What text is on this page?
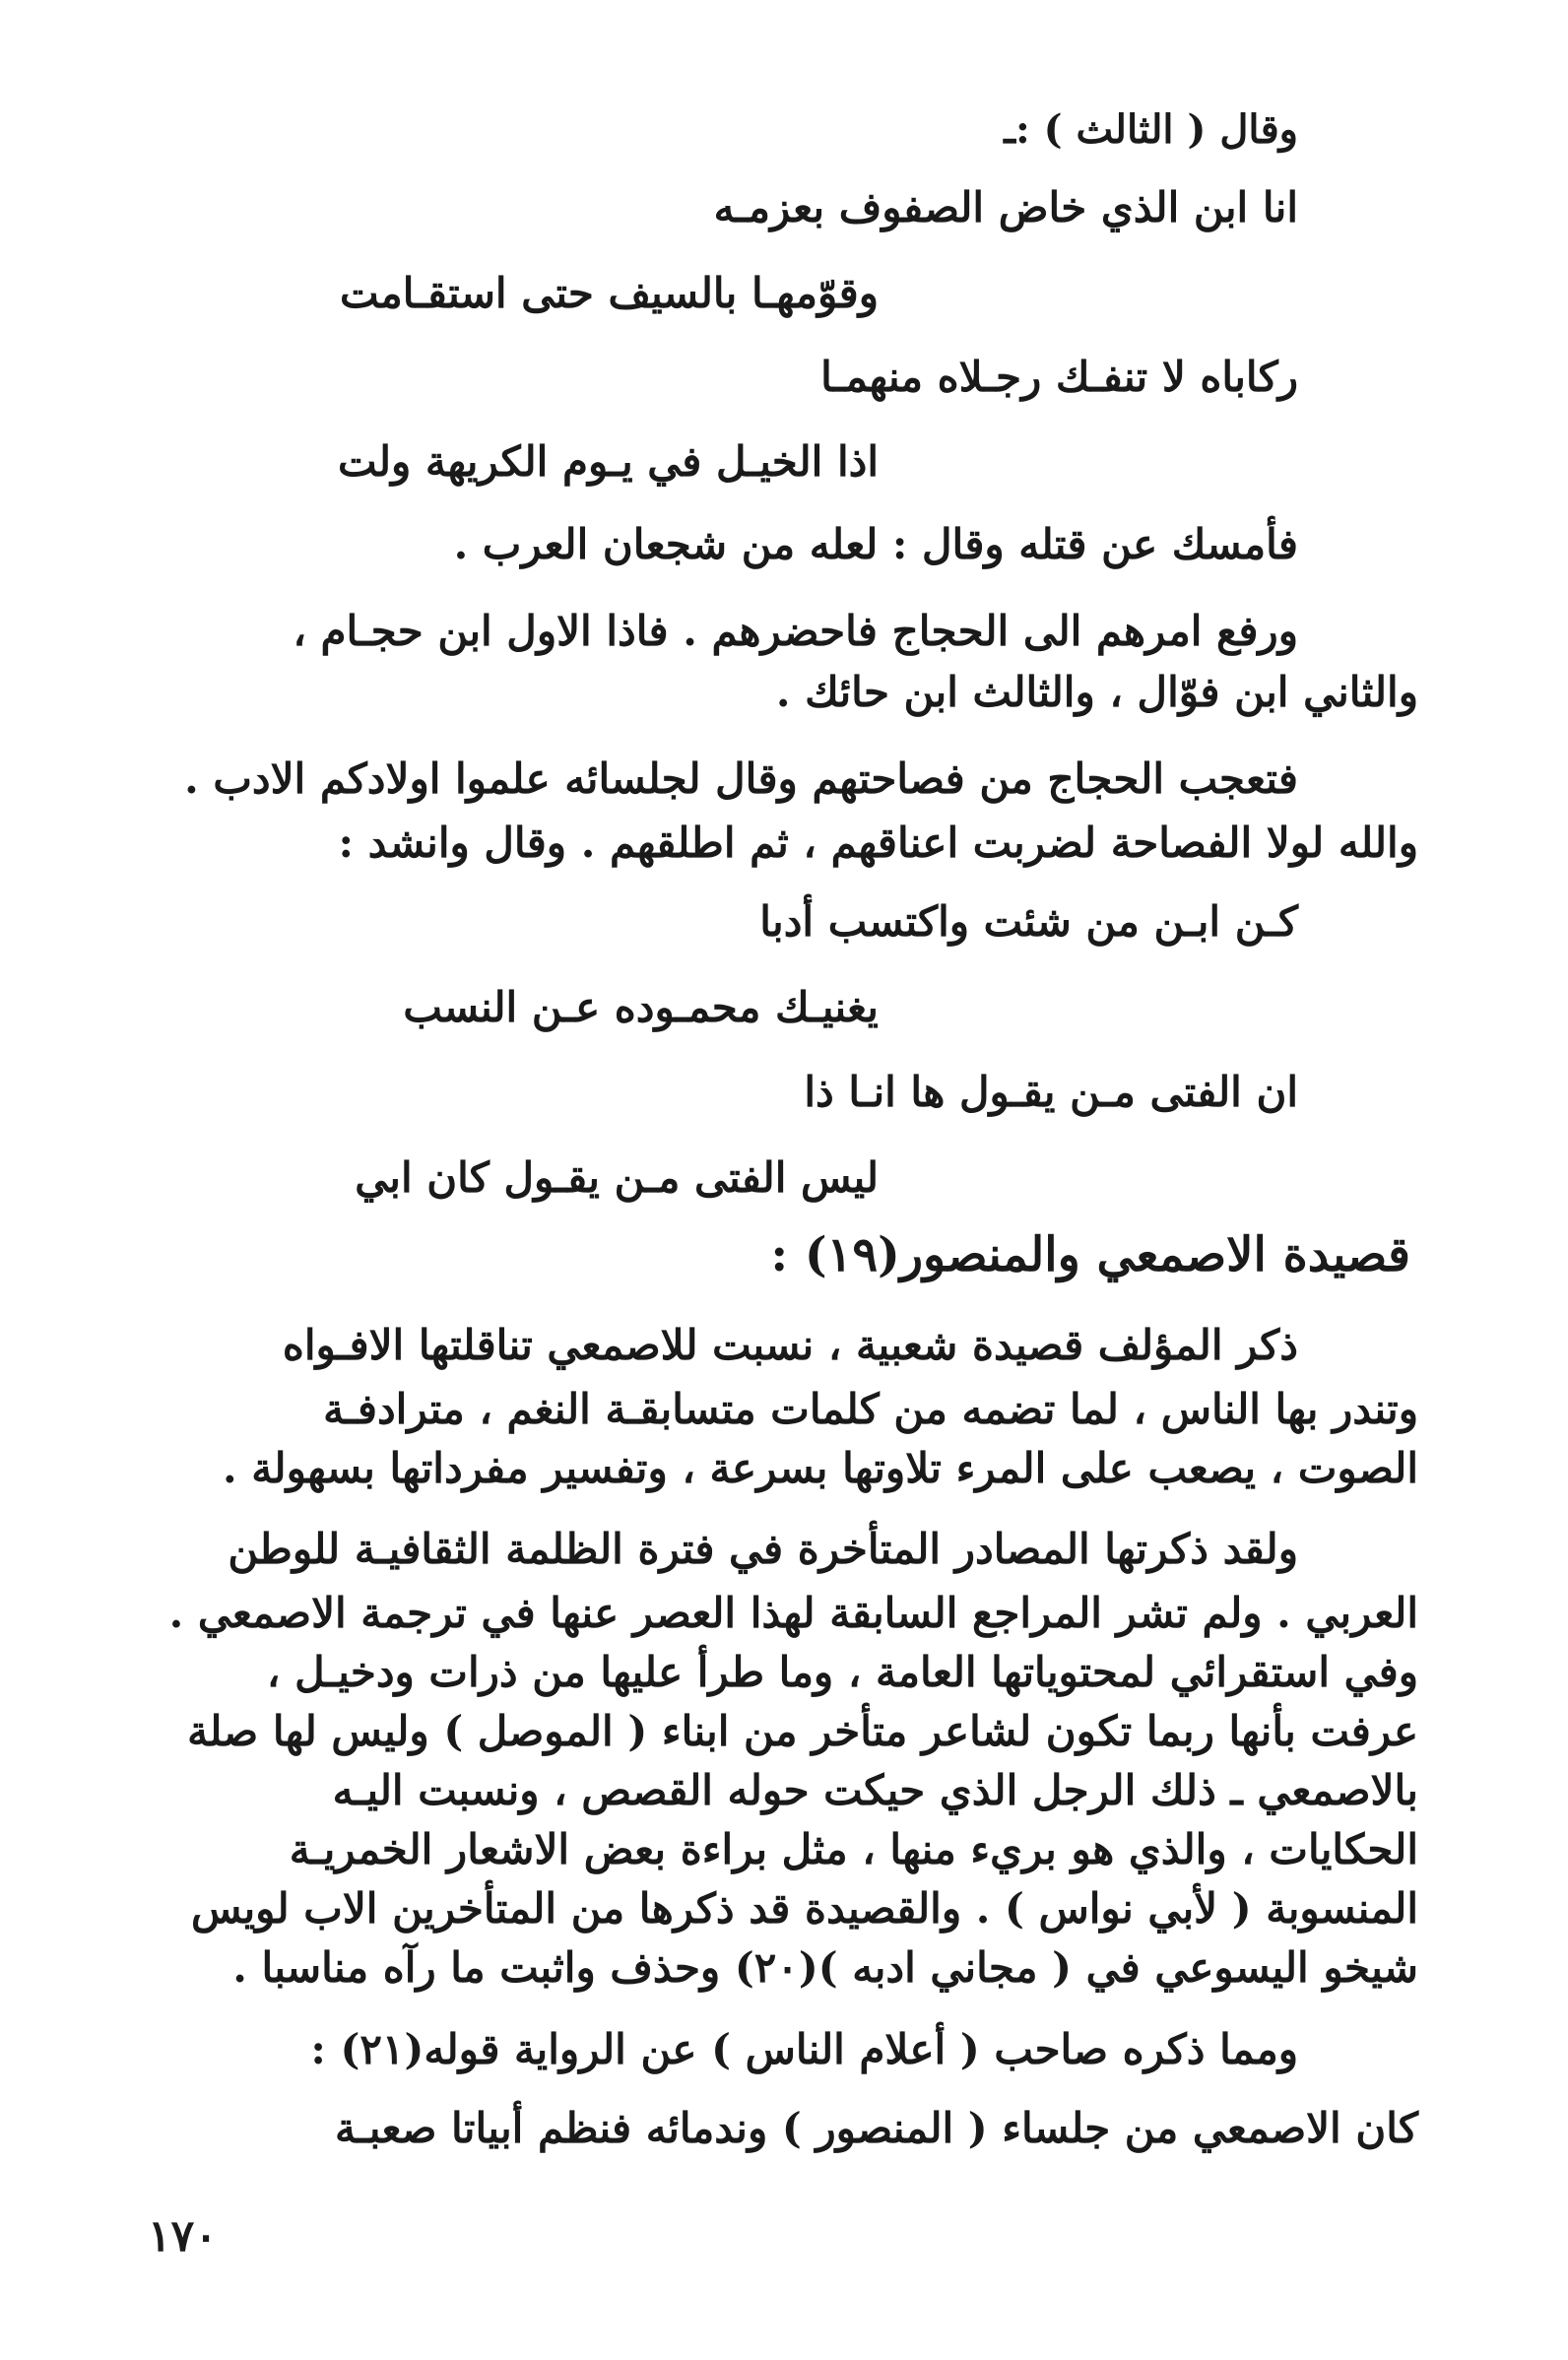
وقال ( الثالث ) :ـ
انا ابن الذي خاض الصفوف بعزمـه
وقوّمهـا بالسيف حتى استقـامت
ركاباه لا تنفـك رجـلاه منهمـا
اذا الخيـل في يـوم الكريهة ولت
فأمسك عن قتله وقال : لعله من شجعان العرب .
ورفع امرهم الى الحجاج فاحضرهم . فاذا الاول ابن حجـام ،
والثاني ابن فوّال ، والثالث ابن حائك .
فتعجب الحجاج من فصاحتهم وقال لجلسائه علموا اولادكم الادب .
والله لولا الفصاحة لضربت اعناقهم ، ثم اطلقهم . وقال وانشد :
كـن ابـن من شئت واكتسب أدبا
يغنيـك محمـوده عـن النسب
ان الفتى مـن يقـول ها انـا ذا
ليس الفتى مـن يقـول كان ابي
قصيدة الاصمعي والمنصور(١٩) :
ذكر المؤلف قصيدة شعبية ، نسبت للاصمعي تناقلتها الافـواه
وتندر بها الناس ، لما تضمه من كلمات متسابقـة النغم ، مترادفـة
الصوت ، يصعب على المرء تلاوتها بسرعة ، وتفسير مفرداتها بسهولة .
ولقد ذكرتها المصادر المتأخرة في فترة الظلمة الثقافيـة للوطن
العربي . ولم تشر المراجع السابقة لهذا العصر عنها في ترجمة الاصمعي .
وفي استقرائي لمحتوياتها العامة ، وما طرأ عليها من ذرات ودخيـل ،
عرفت بأنها ربما تكون لشاعر متأخر من ابناء ( الموصل ) وليس لها صلة
بالاصمعي ـ ذلك الرجل الذي حيكت حوله القصص ، ونسبت اليـه
الحكايات ، والذي هو بريء منها ، مثل براءة بعض الاشعار الخمريـة
المنسوبة ( لأبي نواس ) . والقصيدة قد ذكرها من المتأخرين الاب لويس
شيخو اليسوعي في ( مجاني ادبه )(٢٠) وحذف واثبت ما رآه مناسبا .
ومما ذكره صاحب ( أعلام الناس ) عن الرواية قوله(٢١) :
كان الاصمعي من جلساء ( المنصور ) وندمائه فنظم أبياتا صعبـة
١٧٠
